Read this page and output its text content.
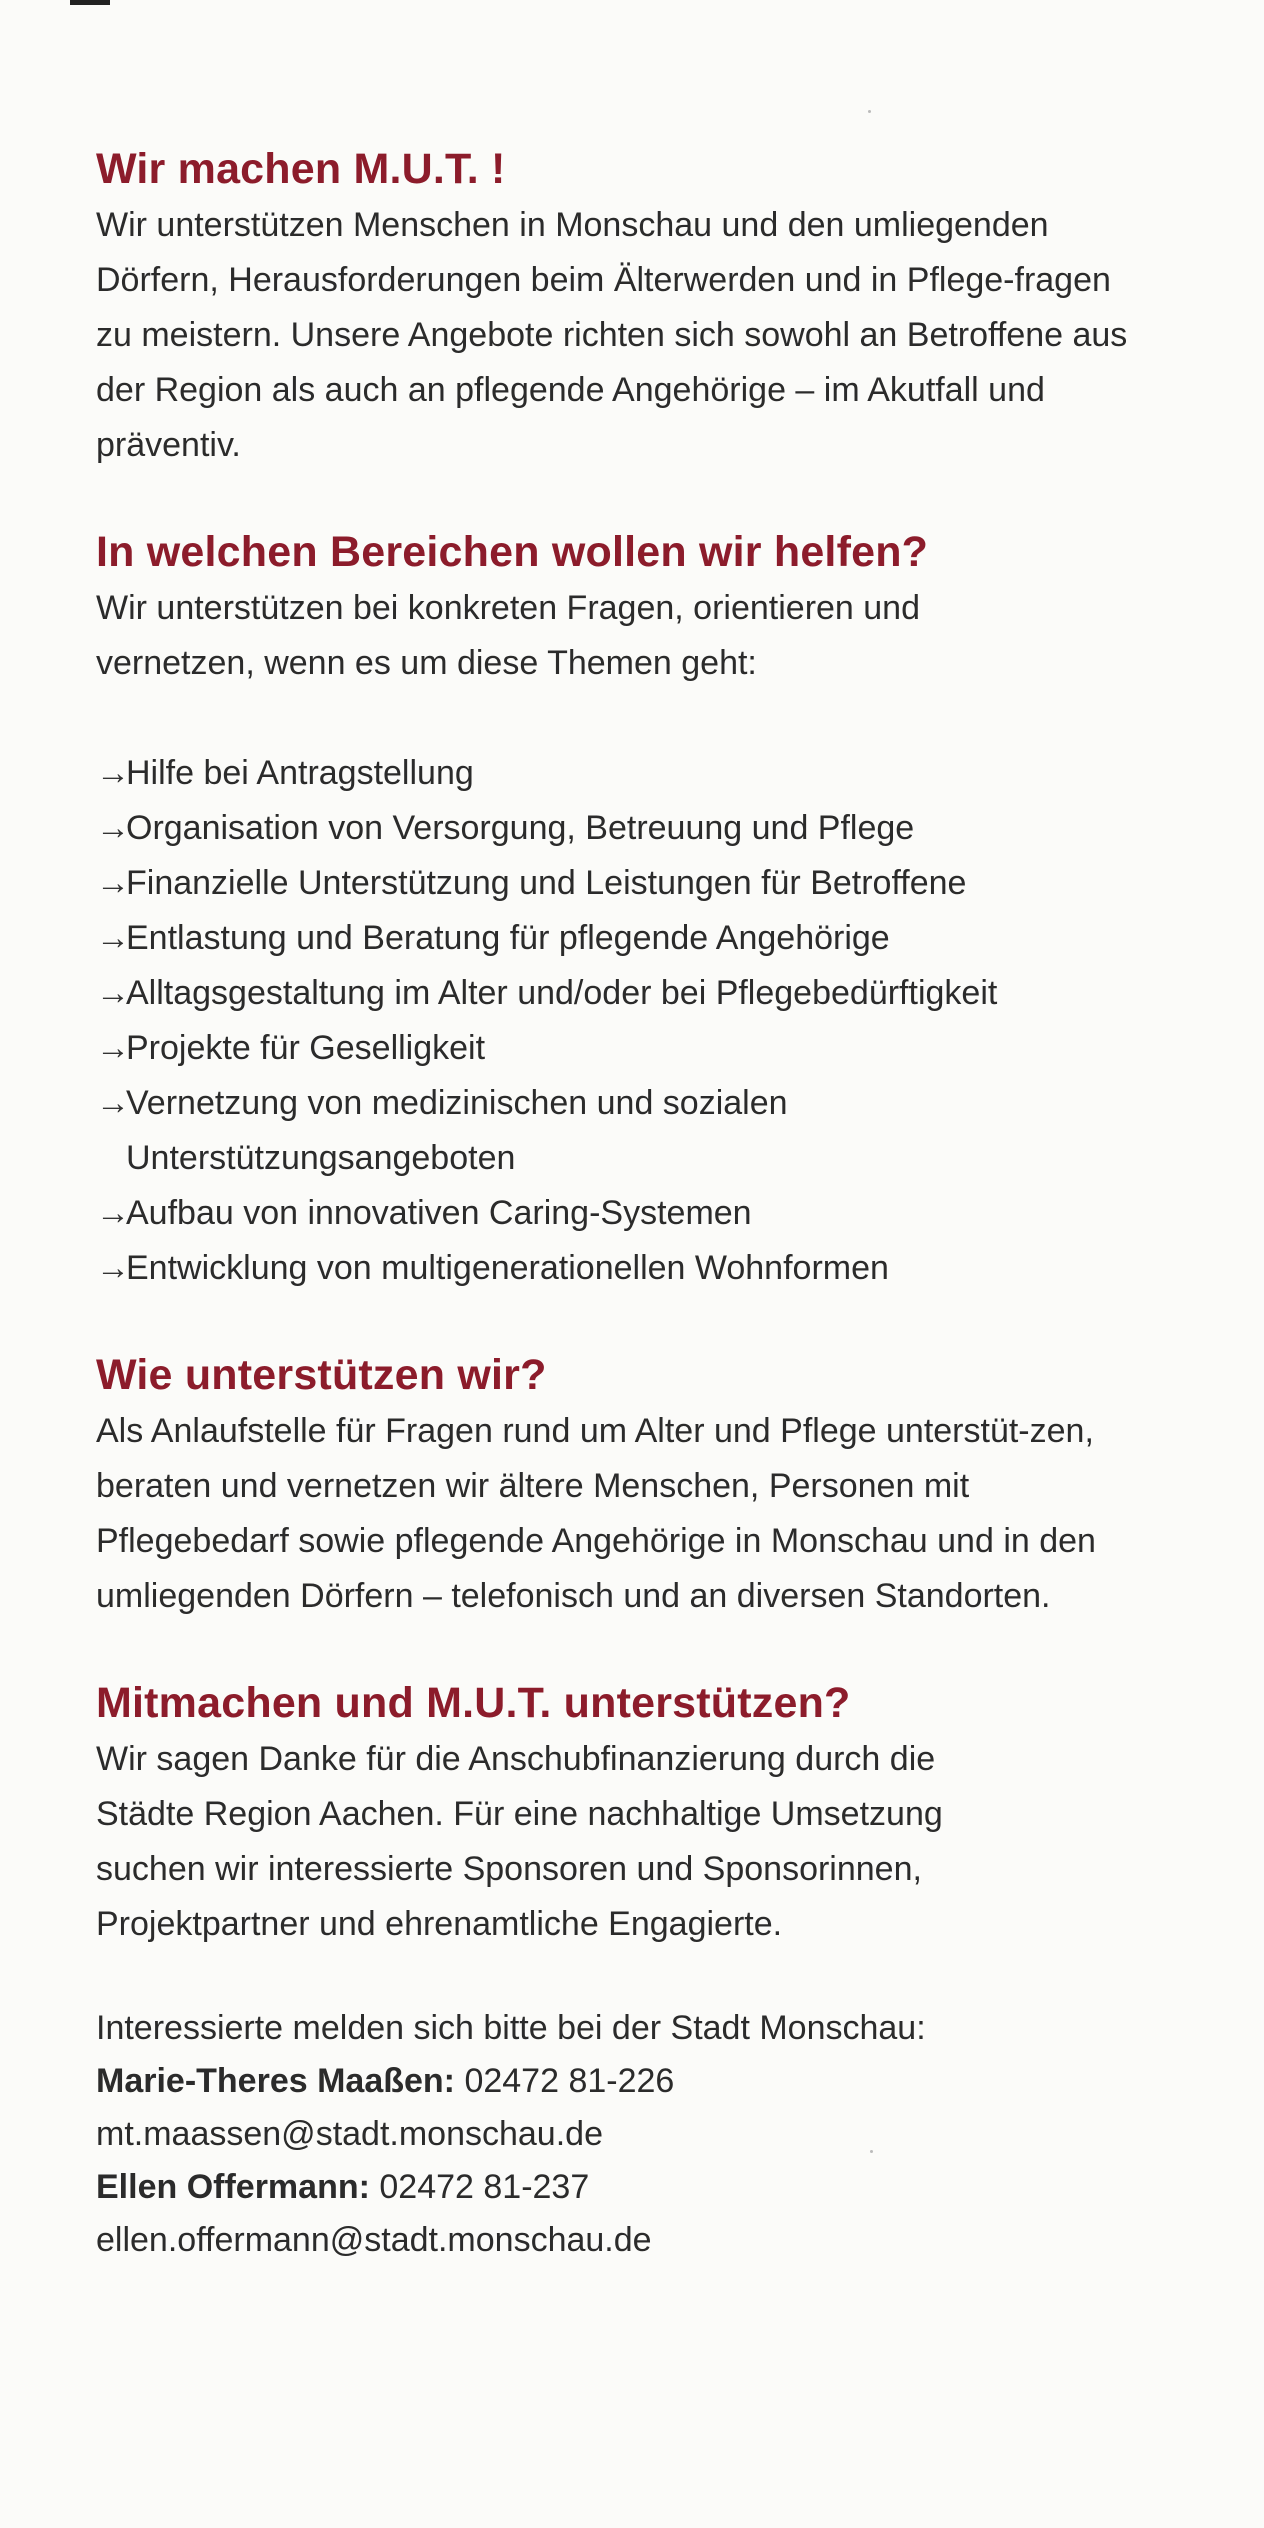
Wir machen M.U.T. !

Wir unterstützen Menschen in Monschau und den umliegenden Dörfern, Herausforderungen beim Älterwerden und in Pflege-fragen zu meistern. Unsere Angebote richten sich sowohl an Betroffene aus der Region als auch an pflegende Angehörige – im Akutfall und präventiv.

In welchen Bereichen wollen wir helfen?

Wir unterstützen bei konkreten Fragen, orientieren und vernetzen, wenn es um diese Themen geht:

→Hilfe bei Antragstellung
→Organisation von Versorgung, Betreuung und Pflege
→Finanzielle Unterstützung und Leistungen für Betroffene
→Entlastung und Beratung für pflegende Angehörige
→Alltagsgestaltung im Alter und/oder bei Pflegebedürftigkeit
→Projekte für Geselligkeit
→Vernetzung von medizinischen und sozialen Unterstützungsangeboten
→Aufbau von innovativen Caring-Systemen
→Entwicklung von multigenerationellen Wohnformen
Wie unterstützen wir?

Als Anlaufstelle für Fragen rund um Alter und Pflege unterstüt-zen, beraten und vernetzen wir ältere Menschen, Personen mit Pflegebedarf sowie pflegende Angehörige in Monschau und in den umliegenden Dörfern – telefonisch und an diversen Standorten.

Mitmachen und M.U.T. unterstützen?

Wir sagen Danke für die Anschubfinanzierung durch die Städte Region Aachen. Für eine nachhaltige Umsetzung suchen wir interessierte Sponsoren und Sponsorinnen, Projektpartner und ehrenamtliche Engagierte.

Interessierte melden sich bitte bei der Stadt Monschau:

Marie-Theres Maaßen: 02472 81-226

mt.maassen@stadt.monschau.de

Ellen Offermann: 02472 81-237

ellen.offermann@stadt.monschau.de
